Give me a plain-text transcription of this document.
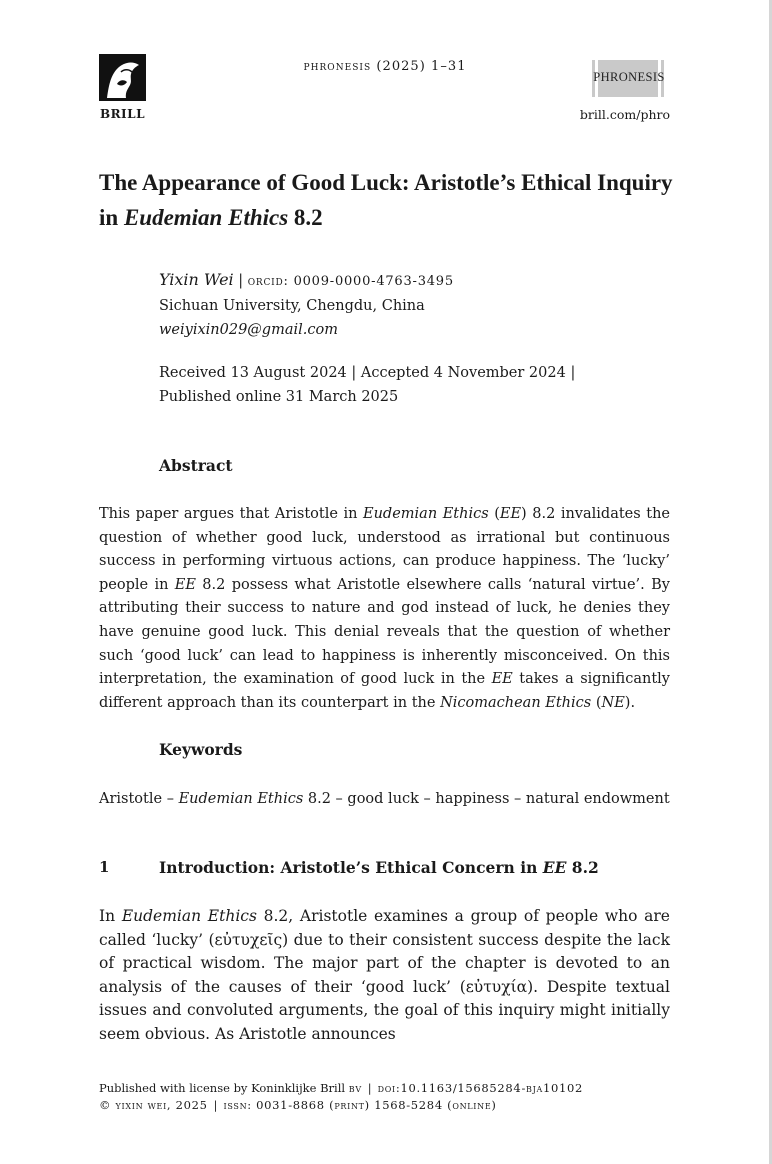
BRILL
phronesis (2025) 1–31
PHRONESIS
brill.com/phro
The Appearance of Good Luck: Aristotle’s Ethical Inquiry in Eudemian Ethics 8.2
Yixin Wei | orcid: 0009-0000-4763-3495
Sichuan University, Chengdu, China
weiyixin029@gmail.com
Received 13 August 2024 | Accepted 4 November 2024 |
Published online 31 March 2025
Abstract
This paper argues that Aristotle in Eudemian Ethics (EE) 8.2 invalidates the question of whether good luck, understood as irrational but continuous success in performing virtuous actions, can produce happiness. The ‘lucky’ people in EE 8.2 possess what Aristotle elsewhere calls ‘natural virtue’. By attributing their success to nature and god instead of luck, he denies they have genuine good luck. This denial reveals that the question of whether such ‘good luck’ can lead to happiness is inherently misconceived. On this interpretation, the examination of good luck in the EE takes a significantly different approach than its counterpart in the Nicomachean Ethics (NE).
Keywords
Aristotle – Eudemian Ethics 8.2 – good luck – happiness – natural endowment
1	Introduction: Aristotle’s Ethical Concern in EE 8.2
In Eudemian Ethics 8.2, Aristotle examines a group of people who are called ‘lucky’ (εὐτυχεῖς) due to their consistent success despite the lack of practical wisdom. The major part of the chapter is devoted to an analysis of the causes of their ‘good luck’ (εὐτυχία). Despite textual issues and convoluted arguments, the goal of this inquiry might initially seem obvious. As Aristotle announces
Published with license by Koninklijke Brill bv | doi:10.1163/15685284-bja10102
© yixin wei, 2025 | issn: 0031-8868 (print) 1568-5284 (online)
